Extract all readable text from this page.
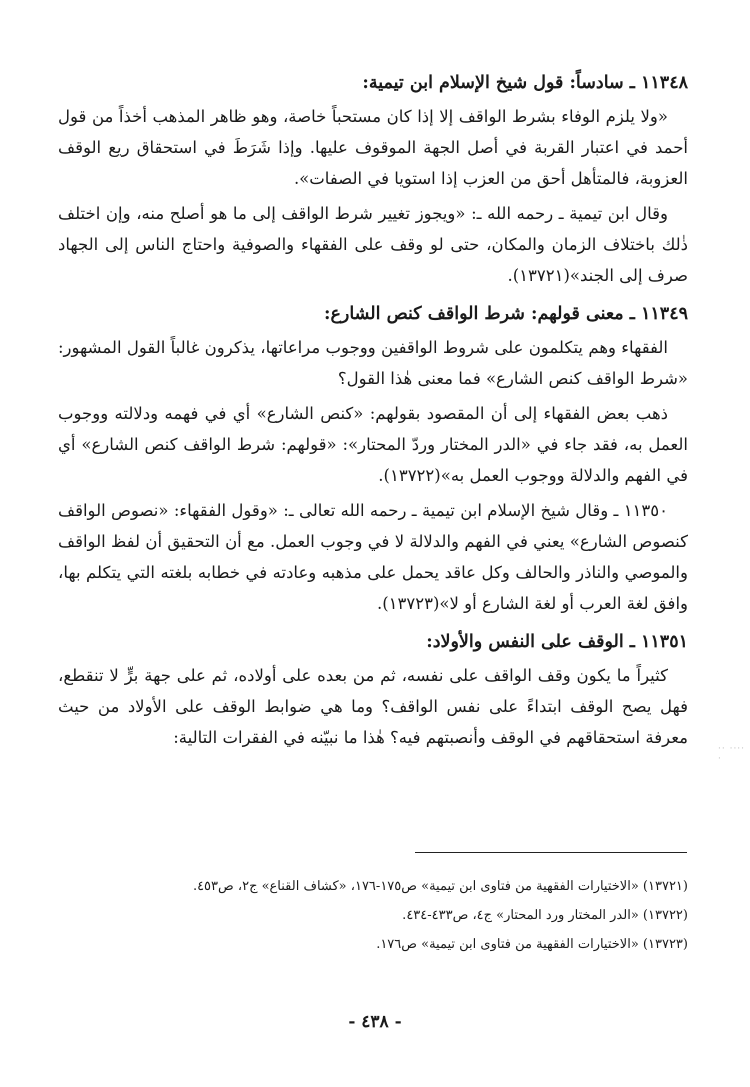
١١٣٤٨ ـ سادساً: قول شيخ الإسلام ابن تيمية:

«ولا يلزم الوفاء بشرط الواقف إلا إذا كان مستحباً خاصة، وهو ظاهر المذهب أخذاً من قول أحمد في اعتبار القربة في أصل الجهة الموقوف عليها. وإذا شَرَطَ في استحقاق ريع الوقف العزوبة، فالمتأهل أحق من العزب إذا استويا في الصفات».

وقال ابن تيمية ـ رحمه الله ـ: «ويجوز تغيير شرط الواقف إلى ما هو أصلح منه، وإن اختلف ذٰلك باختلاف الزمان والمكان، حتى لو وقف على الفقهاء والصوفية واحتاج الناس إلى الجهاد صرف إلى الجند»(١٣٧٢١).

١١٣٤٩ ـ معنى قولهم: شرط الواقف كنص الشارع:

الفقهاء وهم يتكلمون على شروط الواقفين ووجوب مراعاتها، يذكرون غالباً القول المشهور: «شرط الواقف كنص الشارع» فما معنى هٰذا القول؟

ذهب بعض الفقهاء إلى أن المقصود بقولهم: «كنص الشارع» أي في فهمه ودلالته ووجوب العمل به، فقد جاء في «الدر المختار وردّ المحتار»: «قولهم: شرط الواقف كنص الشارع» أي في الفهم والدلالة ووجوب العمل به»(١٣٧٢٢).

١١٣٥٠ ـ وقال شيخ الإسلام ابن تيمية ـ رحمه الله تعالى ـ: «وقول الفقهاء: «نصوص الواقف كنصوص الشارع» يعني في الفهم والدلالة لا في وجوب العمل. مع أن التحقيق أن لفظ الواقف والموصي والناذر والحالف وكل عاقد يحمل على مذهبه وعادته في خطابه بلغته التي يتكلم بها، وافق لغة العرب أو لغة الشارع أو لا»(١٣٧٢٣).

١١٣٥١ ـ الوقف على النفس والأولاد:

كثيراً ما يكون وقف الواقف على نفسه، ثم من بعده على أولاده، ثم على جهة برٍّ لا تنقطع، فهل يصح الوقف ابتداءً على نفس الواقف؟ وما هي ضوابط الوقف على الأولاد من حيث معرفة استحقاقهم في الوقف وأنصبتهم فيه؟ هٰذا ما نبيّنه في الفقرات التالية:

(١٣٧٢١) «الاختيارات الفقهية من فتاوى ابن تيمية» ص١٧٥-١٧٦، «كشاف القناع» ج٢، ص٤٥٣.

(١٣٧٢٢) «الدر المختار ورد المحتار» ج٤، ص٤٣٣-٤٣٤.

(١٣٧٢٣) «الاختيارات الفقهية من فتاوى ابن تيمية» ص١٧٦.

·· ···· ·
- ٤٣٨ -
